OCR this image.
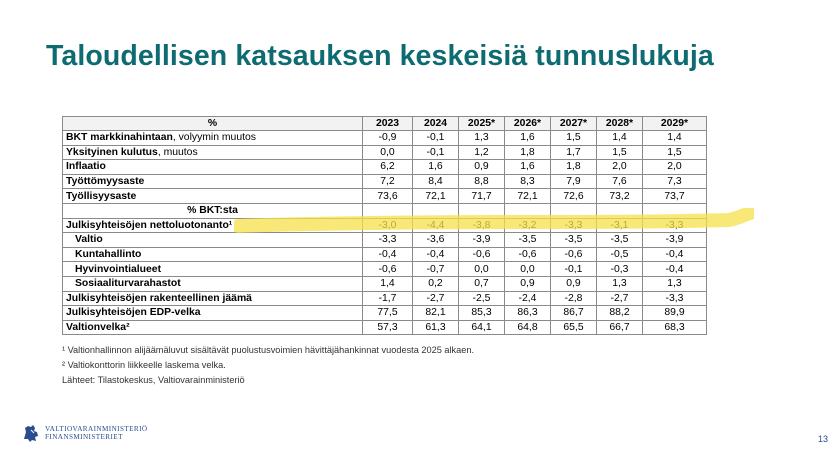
Taloudellisen katsauksen keskeisiä tunnuslukuja
%	2023	2024	2025*	2026*	2027*	2028*	2029*
BKT markkinahintaan, volyymin muutos	-0,9	-0,1	1,3	1,6	1,5	1,4	1,4
Yksityinen kulutus, muutos	0,0	-0,1	1,2	1,8	1,7	1,5	1,5
Inflaatio	6,2	1,6	0,9	1,6	1,8	2,0	2,0
Työttömyysaste	7,2	8,4	8,8	8,3	7,9	7,6	7,3
Työllisyysaste	73,6	72,1	71,7	72,1	72,6	73,2	73,7
% BKT:sta							
Julkisyhteisöjen nettoluotonanto¹	-3,0	-4,4	-3,8	-3,2	-3,3	-3,1	-3,3
Valtio	-3,3	-3,6	-3,9	-3,5	-3,5	-3,5	-3,9
Kuntahallinto	-0,4	-0,4	-0,6	-0,6	-0,6	-0,5	-0,4
Hyvinvointialueet	-0,6	-0,7	0,0	0,0	-0,1	-0,3	-0,4
Sosiaaliturvarahastot	1,4	0,2	0,7	0,9	0,9	1,3	1,3
Julkisyhteisöjen rakenteellinen jäämä	-1,7	-2,7	-2,5	-2,4	-2,8	-2,7	-3,3
Julkisyhteisöjen EDP-velka	77,5	82,1	85,3	86,3	86,7	88,2	89,9
Valtionvelka²	57,3	61,3	64,1	64,8	65,5	66,7	68,3
¹ Valtionhallinnon alijäämäluvut sisältävät puolustusvoimien hävittäjähankinnat vuodesta 2025 alkaen.
² Valtiokonttorin liikkeelle laskema velka.
Lähteet: Tilastokeskus, Valtiovarainministeriö
VALTIOVARAINMINISTERIÖ
FINANSMINISTERIET	13
